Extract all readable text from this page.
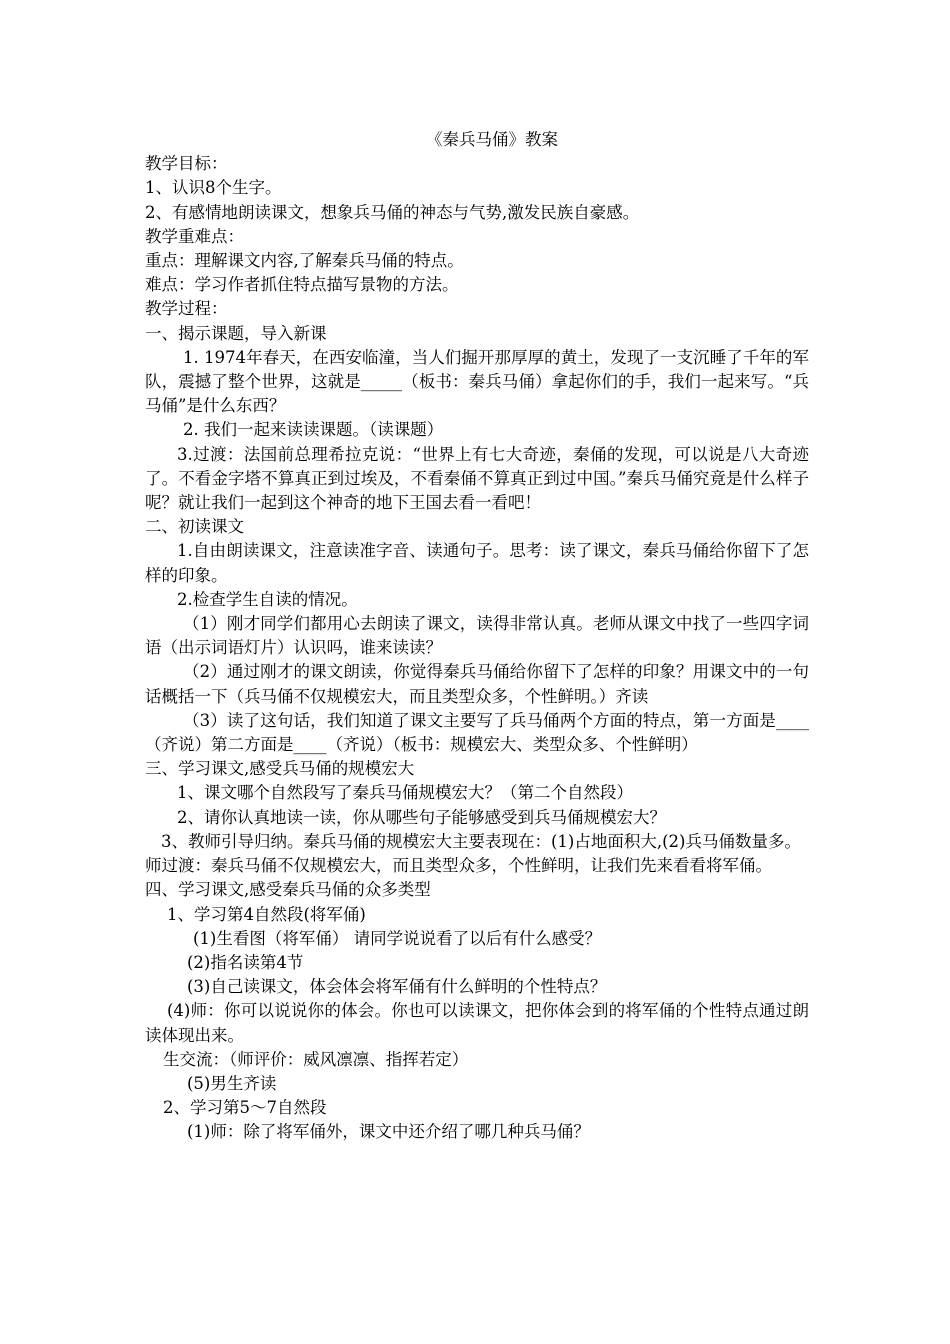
《秦兵马俑》教案
教学目标：
1、认识8个生字。
2、有感情地朗读课文，想象兵马俑的神态与气势,激发民族自豪感。
教学重难点：
重点：理解课文内容,了解秦兵马俑的特点。
难点：学习作者抓住特点描写景物的方法。
教学过程：
一、揭示课题，导入新课
1. 1974年春天，在西安临潼，当人们掘开那厚厚的黄土，发现了一支沉睡了千年的军队，震撼了整个世界，这就是_____（板书：秦兵马俑）拿起你们的手，我们一起来写。“兵马俑”是什么东西？
2. 我们一起来读读课题。（读课题）
3.过渡：法国前总理希拉克说：“世界上有七大奇迹，秦俑的发现，可以说是八大奇迹了。不看金字塔不算真正到过埃及，不看秦俑不算真正到过中国。”秦兵马俑究竟是什么样子呢？就让我们一起到这个神奇的地下王国去看一看吧！
二、初读课文
1.自由朗读课文，注意读准字音、读通句子。思考：读了课文，秦兵马俑给你留下了怎样的印象。
2.检查学生自读的情况。
（1）刚才同学们都用心去朗读了课文，读得非常认真。老师从课文中找了一些四字词语（出示词语灯片）认识吗，谁来读读？
（2）通过刚才的课文朗读，你觉得秦兵马俑给你留下了怎样的印象？用课文中的一句话概括一下（兵马俑不仅规模宏大，而且类型众多，个性鲜明。）齐读
（3）读了这句话，我们知道了课文主要写了兵马俑两个方面的特点，第一方面是____（齐说）第二方面是____（齐说）（板书：规模宏大、类型众多、个性鲜明）
三、学习课文,感受兵马俑的规模宏大
1、课文哪个自然段写了秦兵马俑规模宏大？（第二个自然段）
2、请你认真地读一读，你从哪些句子能够感受到兵马俑规模宏大？
3、教师引导归纳。秦兵马俑的规模宏大主要表现在：(1)占地面积大,(2)兵马俑数量多。
师过渡：秦兵马俑不仅规模宏大，而且类型众多，个性鲜明，让我们先来看看将军俑。
四、学习课文,感受秦兵马俑的众多类型
1、学习第4自然段(将军俑)
(1)生看图（将军俑） 请同学说说看了以后有什么感受？
(2)指名读第4节
(3)自己读课文，体会体会将军俑有什么鲜明的个性特点？
(4)师：你可以说说你的体会。你也可以读课文，把你体会到的将军俑的个性特点通过朗读体现出来。
生交流：（师评价：威风凛凛、指挥若定）
(5)男生齐读
2、学习第5～7自然段
(1)师：除了将军俑外，课文中还介绍了哪几种兵马俑？
